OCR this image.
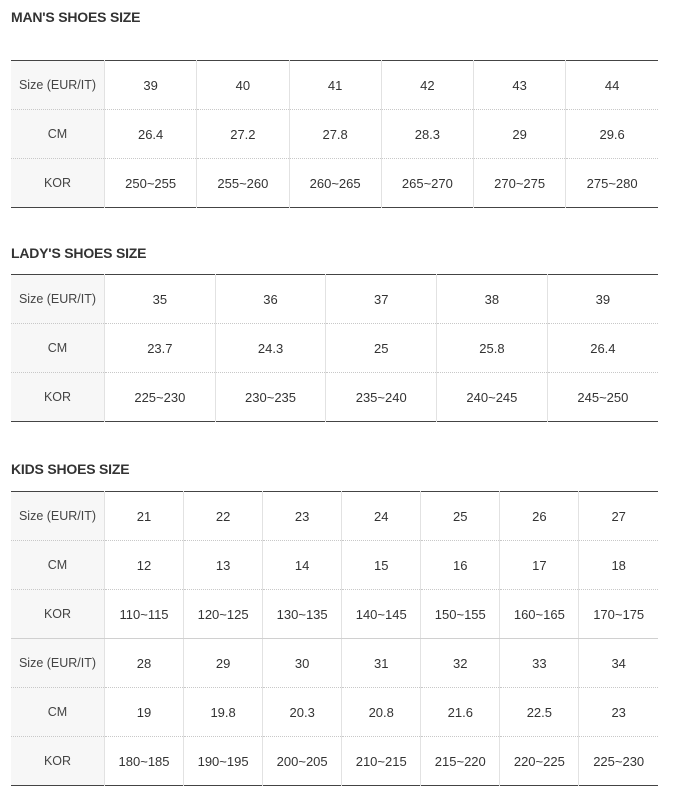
MAN'S SHOES SIZE
Size (EUR/IT)	39	40	41	42	43	44
CM	26.4	27.2	27.8	28.3	29	29.6
KOR	250~255	255~260	260~265	265~270	270~275	275~280
LADY'S SHOES SIZE
Size (EUR/IT)	35	36	37	38	39
CM	23.7	24.3	25	25.8	26.4
KOR	225~230	230~235	235~240	240~245	245~250
KIDS SHOES SIZE
Size (EUR/IT)	21	22	23	24	25	26	27
CM	12	13	14	15	16	17	18
KOR	110~115	120~125	130~135	140~145	150~155	160~165	170~175
Size (EUR/IT)	28	29	30	31	32	33	34
CM	19	19.8	20.3	20.8	21.6	22.5	23
KOR	180~185	190~195	200~205	210~215	215~220	220~225	225~230
